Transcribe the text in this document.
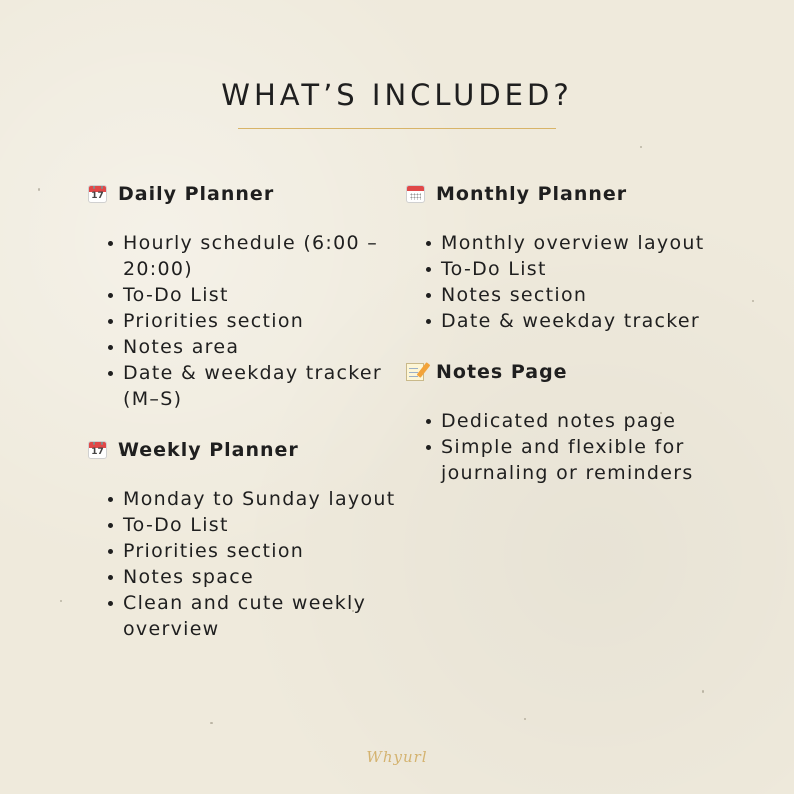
WHAT’S INCLUDED?
17 Daily Planner
Hourly schedule (6:00 – 20:00)
To-Do List
Priorities section
Notes area
Date & weekday tracker (M–S)
17 Weekly Planner
Monday to Sunday layout
To-Do List
Priorities section
Notes space
Clean and cute weekly overview
Monthly Planner
Monthly overview layout
To-Do List
Notes section
Date & weekday tracker
Notes Page
Dedicated notes page
Simple and flexible for journaling or reminders
Whyurl
